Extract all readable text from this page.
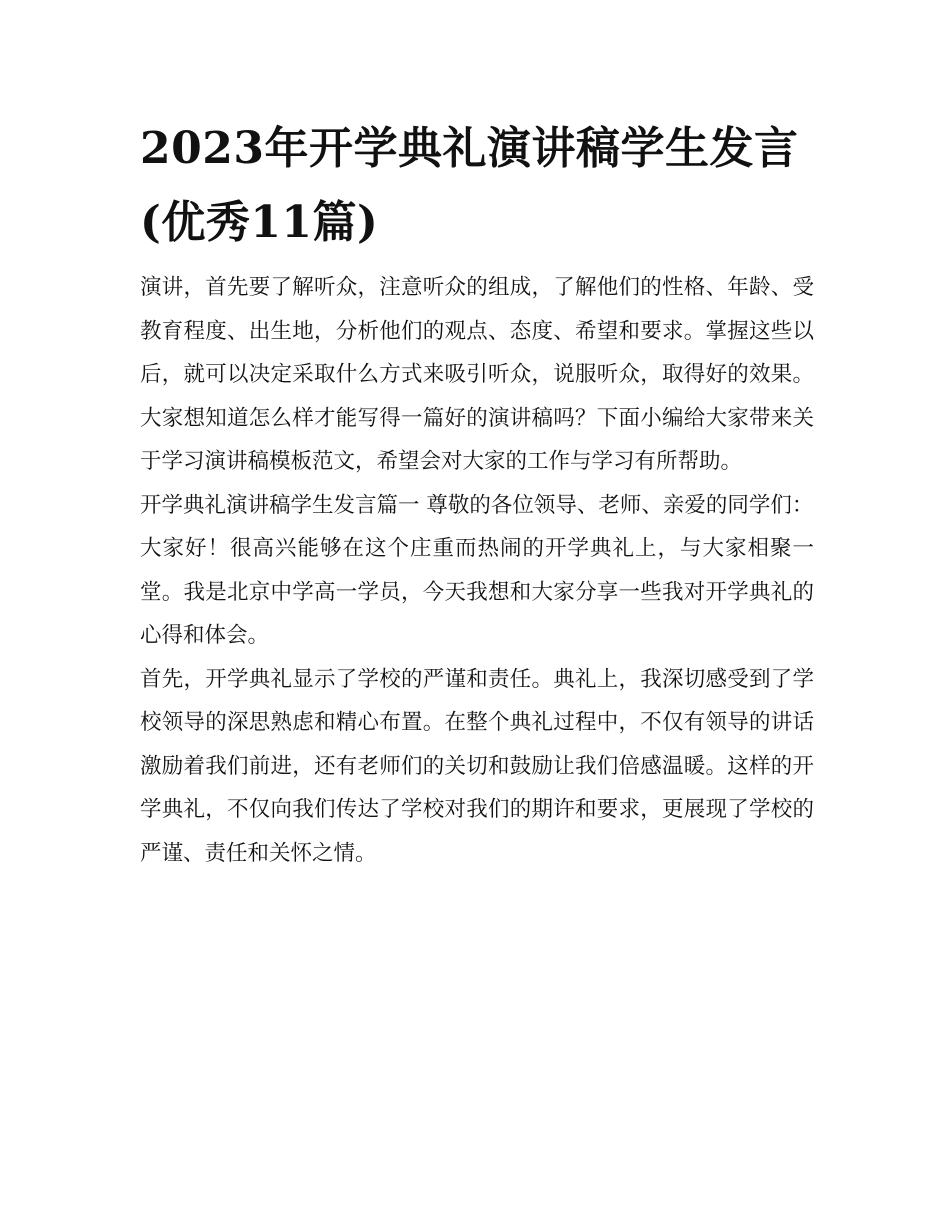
2023年开学典礼演讲稿学生发言(优秀11篇)

演讲，首先要了解听众，注意听众的组成，了解他们的性格、年龄、受教育程度、出生地，分析他们的观点、态度、希望和要求。掌握这些以后，就可以决定采取什么方式来吸引听众，说服听众，取得好的效果。大家想知道怎么样才能写得一篇好的演讲稿吗？下面小编给大家带来关于学习演讲稿模板范文，希望会对大家的工作与学习有所帮助。

开学典礼演讲稿学生发言篇一 尊敬的各位领导、老师、亲爱的同学们：

大家好！很高兴能够在这个庄重而热闹的开学典礼上，与大家相聚一堂。我是北京中学高一学员，今天我想和大家分享一些我对开学典礼的心得和体会。

首先，开学典礼显示了学校的严谨和责任。典礼上，我深切感受到了学校领导的深思熟虑和精心布置。在整个典礼过程中，不仅有领导的讲话激励着我们前进，还有老师们的关切和鼓励让我们倍感温暖。这样的开学典礼，不仅向我们传达了学校对我们的期许和要求，更展现了学校的严谨、责任和关怀之情。
